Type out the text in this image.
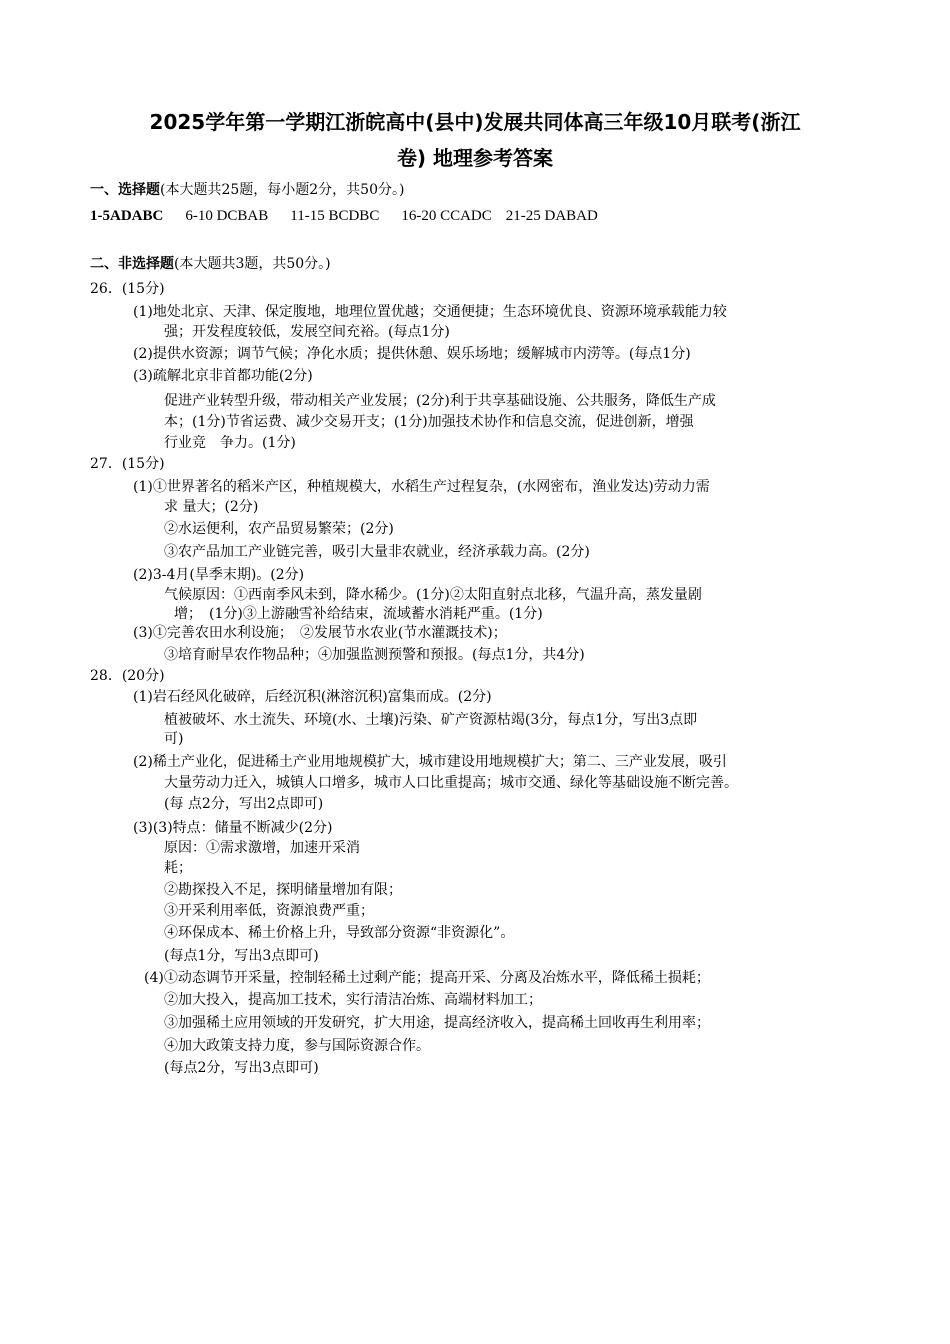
2025学年第一学期江浙皖高中(县中)发展共同体高三年级10月联考(浙江
卷) 地理参考答案
一、选择题(本大题共25题，每小题2分，共50分。)
1-5ADABC 6-10 DCBAB 11-15 BCDBC 16-20 CCADC 21-25 DABAD
二、非选择题(本大题共3题，共50分。)
26．(15分)
(1)地处北京、天津、保定腹地，地理位置优越；交通便捷；生态环境优良、资源环境承载能力较
强；开发程度较低，发展空间充裕。(每点1分)
(2)提供水资源；调节气候；净化水质；提供休憩、娱乐场地；缓解城市内涝等。(每点1分)
(3)疏解北京非首都功能(2分)
促进产业转型升级，带动相关产业发展；(2分)利于共享基础设施、公共服务，降低生产成
本；(1分)节省运费、减少交易开支；(1分)加强技术协作和信息交流，促进创新，增强
行业竞　争力。(1分)
27．(15分)
(1)①世界著名的稻米产区，种植规模大，水稻生产过程复杂，(水网密布，渔业发达)劳动力需
求 量大；(2分)
②水运便利，农产品贸易繁荣；(2分)
③农产品加工产业链完善，吸引大量非农就业，经济承载力高。(2分)
(2)3-4月(旱季末期)。(2分)
气候原因：①西南季风未到，降水稀少。(1分)②太阳直射点北移，气温升高，蒸发量剧
增；　(1分)③上游融雪补给结束，流域蓄水消耗严重。(1分)
(3)①完善农田水利设施；　②发展节水农业(节水灌溉技术)；
③培育耐旱农作物品种；④加强监测预警和预报。(每点1分，共4分)
28．(20分)
(1)岩石经风化破碎，后经沉积(淋溶沉积)富集而成。(2分)
植被破坏、水土流失、环境(水、土壤)污染、矿产资源枯竭(3分，每点1分，写出3点即
可)
(2)稀土产业化，促进稀土产业用地规模扩大，城市建设用地规模扩大；第二、三产业发展，吸引
大量劳动力迁入，城镇人口增多，城市人口比重提高；城市交通、绿化等基础设施不断完善。
(每 点2分，写出2点即可)
(3)(3)特点：储量不断减少(2分)
原因：①需求激增，加速开采消
耗；
②勘探投入不足，探明储量增加有限；
③开采利用率低，资源浪费严重；
④环保成本、稀土价格上升，导致部分资源“非资源化”。
(每点1分，写出3点即可)
(4)①动态调节开采量，控制轻稀土过剩产能；提高开采、分离及冶炼水平，降低稀土损耗；
②加大投入，提高加工技术，实行清洁冶炼、高端材料加工；
③加强稀土应用领域的开发研究，扩大用途，提高经济收入，提高稀土回收再生利用率；
④加大政策支持力度，参与国际资源合作。
(每点2分，写出3点即可)
